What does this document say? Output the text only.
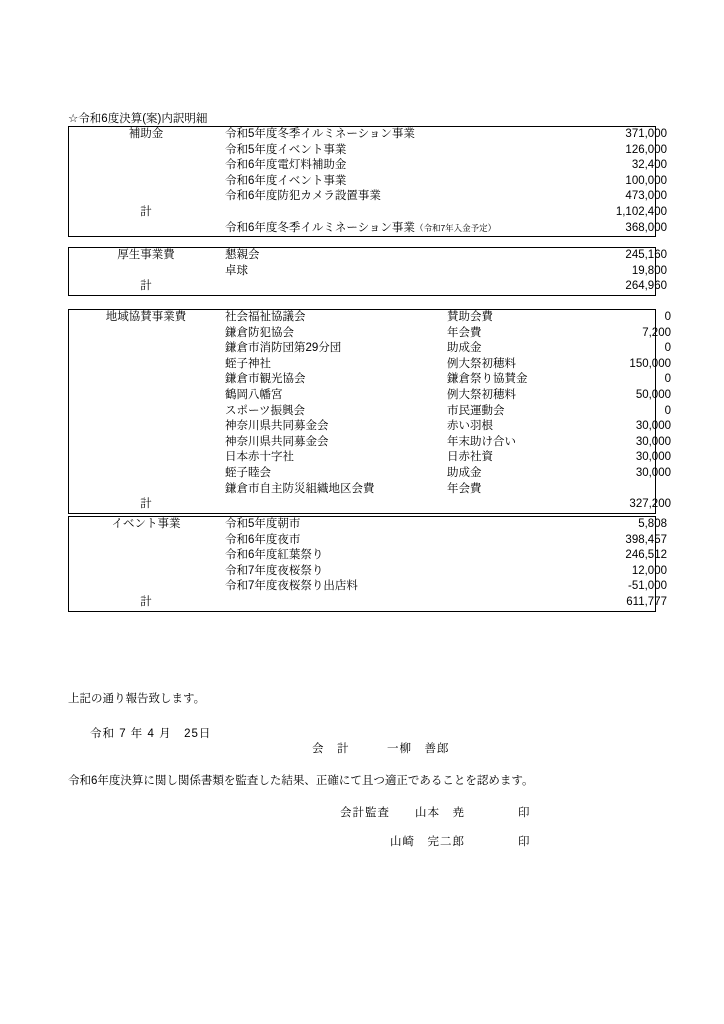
☆令和6度決算(案)内訳明細
補助金	令和5年度冬季イルミネーション事業	371,000
	令和5年度イベント事業	126,000
	令和6年度電灯料補助金	32,400
	令和6年度イベント事業	100,000
	令和6年度防犯カメラ設置事業	473,000
計		1,102,400
	令和6年度冬季イルミネーション事業（令和7年入金予定）	368,000
厚生事業費	懇親会	245,160
	卓球	19,800
計		264,960
地域協賛事業費	社会福祉協議会	賛助会費	0
	鎌倉防犯協会	年会費	7,200
	鎌倉市消防団第29分団	助成金	0
	蛭子神社	例大祭初穂料	150,000
	鎌倉市観光協会	鎌倉祭り協賛金	0
	鶴岡八幡宮	例大祭初穂料	50,000
	スポーツ振興会	市民運動会	0
	神奈川県共同募金会	赤い羽根	30,000
	神奈川県共同募金会	年末助け合い	30,000
	日本赤十字社	日赤社資	30,000
	蛭子睦会	助成金	30,000
	鎌倉市自主防災組織地区会費	年会費	
計			327,200
イベント事業	令和5年度朝市	5,808
	令和6年度夜市	398,457
	令和6年度紅葉祭り	246,512
	令和7年度夜桜祭り	12,000
	令和7年度夜桜祭り出店料	-51,000
計		611,777
上記の通り報告致します。
令和 7 年 4 月　25日
会　計　　　一柳　善郎
令和6年度決算に関し関係書類を監査した結果、正確にて且つ適正であることを認めます。
会計監査　　山本　尭	印
山崎　完二郎	印
